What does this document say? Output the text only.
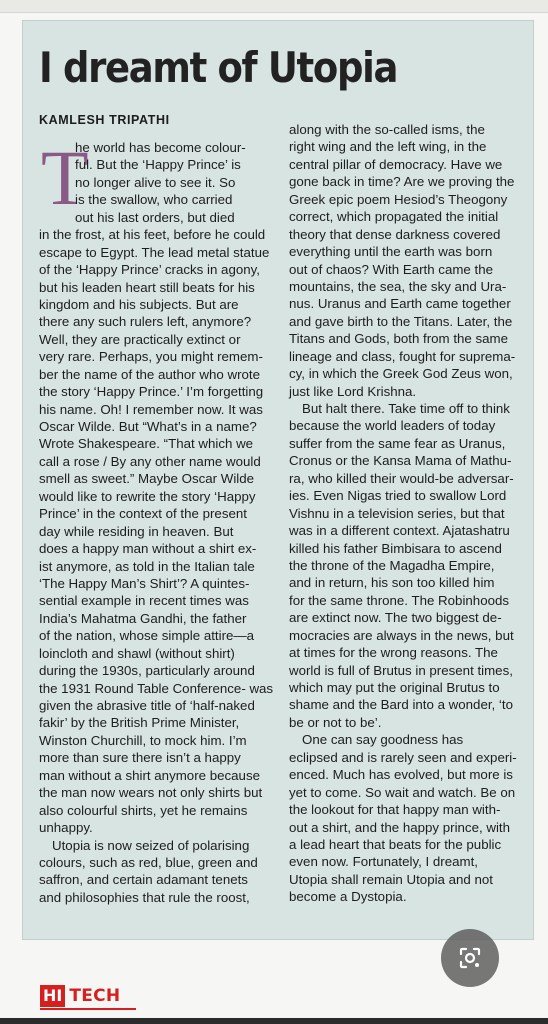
I dreamt of Utopia
KAMLESH TRIPATHI
T
he world has become colour-
ful. But the ‘Happy Prince’ is
no longer alive to see it. So
is the swallow, who carried
out his last orders, but died
in the frost, at his feet, before he could
escape to Egypt. The lead metal statue
of the ‘Happy Prince’ cracks in agony,
but his leaden heart still beats for his
kingdom and his subjects. But are
there any such rulers left, anymore?
Well, they are practically extinct or
very rare. Perhaps, you might remem-
ber the name of the author who wrote
the story ‘Happy Prince.’ I’m forgetting
his name. Oh! I remember now. It was
Oscar Wilde. But “What’s in a name?
Wrote Shakespeare. “That which we
call a rose / By any other name would
smell as sweet.” Maybe Oscar Wilde
would like to rewrite the story ‘Happy
Prince’ in the context of the present
day while residing in heaven. But
does a happy man without a shirt ex-
ist anymore, as told in the Italian tale
‘The Happy Man’s Shirt’? A quintes-
sential example in recent times was
India’s Mahatma Gandhi, the father
of the nation, whose simple attire—a
loincloth and shawl (without shirt)
during the 1930s, particularly around
the 1931 Round Table Conference- was
given the abrasive title of ‘half-naked
fakir’ by the British Prime Minister,
Winston Churchill, to mock him. I’m
more than sure there isn’t a happy
man without a shirt anymore because
the man now wears not only shirts but
also colourful shirts, yet he remains
unhappy.
Utopia is now seized of polarising
colours, such as red, blue, green and
saffron, and certain adamant tenets
and philosophies that rule the roost,
along with the so-called isms, the
right wing and the left wing, in the
central pillar of democracy. Have we
gone back in time? Are we proving the
Greek epic poem Hesiod’s Theogony
correct, which propagated the initial
theory that dense darkness covered
everything until the earth was born
out of chaos? With Earth came the
mountains, the sea, the sky and Ura-
nus. Uranus and Earth came together
and gave birth to the Titans. Later, the
Titans and Gods, both from the same
lineage and class, fought for suprema-
cy, in which the Greek God Zeus won,
just like Lord Krishna.
But halt there. Take time off to think
because the world leaders of today
suffer from the same fear as Uranus,
Cronus or the Kansa Mama of Mathu-
ra, who killed their would-be adversar-
ies. Even Nigas tried to swallow Lord
Vishnu in a television series, but that
was in a different context. Ajatashatru
killed his father Bimbisara to ascend
the throne of the Magadha Empire,
and in return, his son too killed him
for the same throne. The Robinhoods
are extinct now. The two biggest de-
mocracies are always in the news, but
at times for the wrong reasons. The
world is full of Brutus in present times,
which may put the original Brutus to
shame and the Bard into a wonder, ‘to
be or not to be’.
One can say goodness has
eclipsed and is rarely seen and experi-
enced. Much has evolved, but more is
yet to come. So wait and watch. Be on
the lookout for that happy man with-
out a shirt, and the happy prince, with
a lead heart that beats for the public
even now. Fortunately, I dreamt,
Utopia shall remain Utopia and not
become a Dystopia.
HI TECH
